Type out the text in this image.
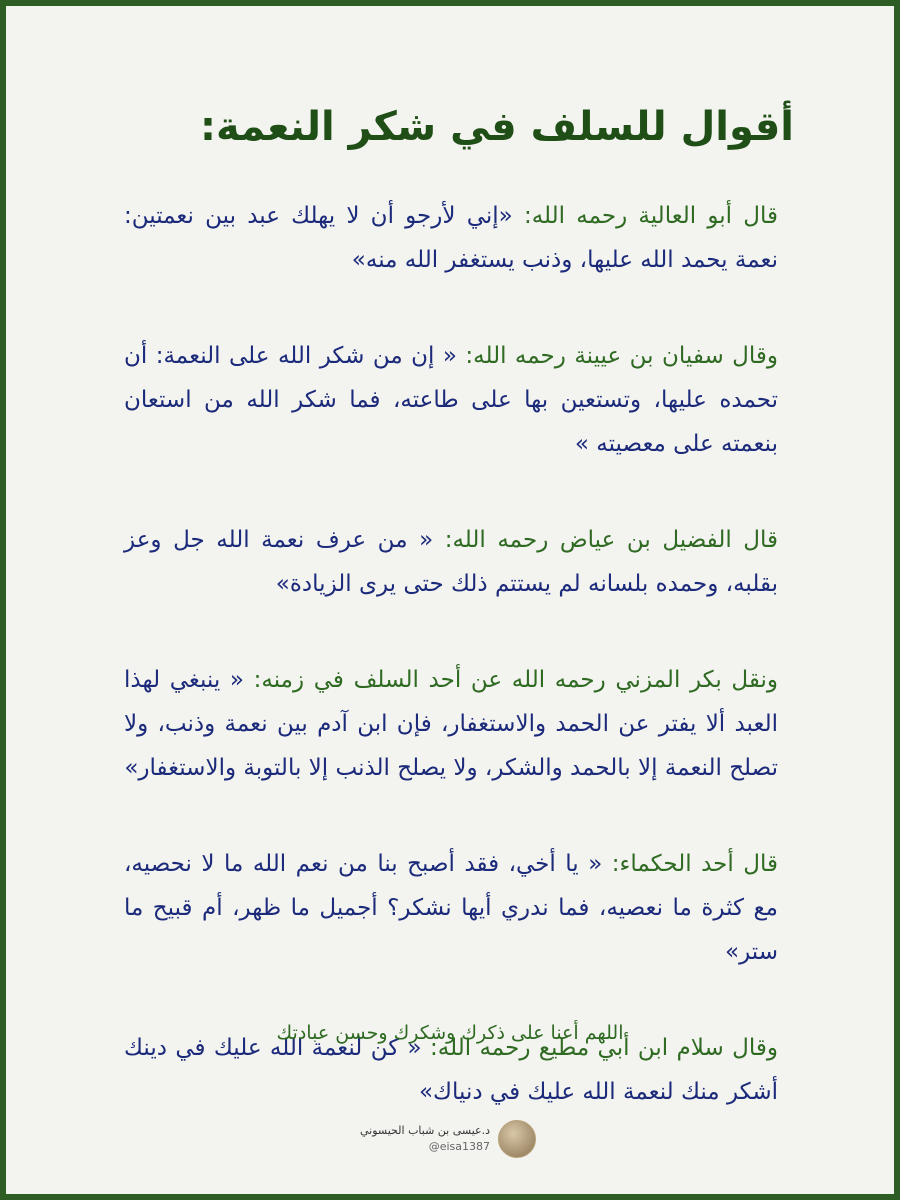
أقوال للسلف في شكر النعمة:

قال أبو العالية رحمه الله: «إني لأرجو أن لا يهلك عبد بين نعمتين: نعمة يحمد الله عليها، وذنب يستغفر الله منه»

وقال سفيان بن عيينة رحمه الله: « إن من شكر الله على النعمة: أن تحمده عليها، وتستعين بها على طاعته، فما شكر الله من استعان بنعمته على معصيته »

قال الفضيل بن عياض رحمه الله: « من عرف نعمة الله جل وعز بقلبه، وحمده بلسانه لم يستتم ذلك حتى يرى الزيادة»

ونقل بكر المزني رحمه الله عن أحد السلف في زمنه: « ينبغي لهذا العبد ألا يفتر عن الحمد والاستغفار، فإن ابن آدم بين نعمة وذنب، ولا تصلح النعمة إلا بالحمد والشكر، ولا يصلح الذنب إلا بالتوبة والاستغفار»

قال أحد الحكماء: « يا أخي، فقد أصبح بنا من نعم الله ما لا نحصيه، مع كثرة ما نعصيه، فما ندري أيها نشكر؟ أجميل ما ظهر، أم قبيح ما ستر»

وقال سلام ابن أبي مطيع رحمه الله: « كن لنعمة الله عليك في دينك أشكر منك لنعمة الله عليك في دنياك»

اللهم أعنا على ذكرك وشكرك وحسن عبادتك
د.عيسى بن شباب الحيسوني
@eisa1387
